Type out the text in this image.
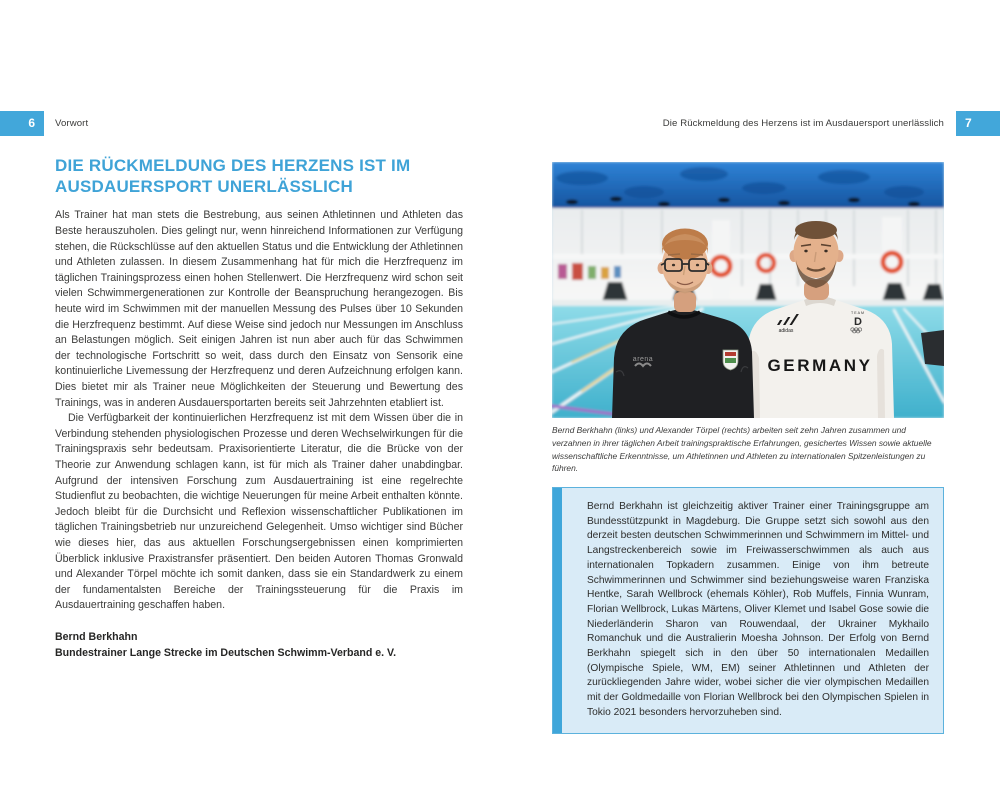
6	Vorwort	Die Rückmeldung des Herzens ist im Ausdauersport unerlässlich	7
DIE RÜCKMELDUNG DES HERZENS IST IM AUSDAUERSPORT UNERLÄSSLICH

Als Trainer hat man stets die Bestrebung, aus seinen Athletinnen und Athleten das Beste herauszuholen. Dies gelingt nur, wenn hinreichend Informationen zur Verfügung stehen, die Rückschlüsse auf den aktuellen Status und die Entwicklung der Athletinnen und Athleten zulassen. In diesem Zusammenhang hat für mich die Herzfrequenz im täglichen Trainingsprozess einen hohen Stellenwert. Die Herzfrequenz wird schon seit vielen Schwimmergenerationen zur Kontrolle der Beanspruchung herangezogen. Bis heute wird im Schwimmen mit der manuellen Messung des Pulses über 10 Sekunden die Herzfrequenz bestimmt. Auf diese Weise sind jedoch nur Messungen im Anschluss an Belastungen möglich. Seit einigen Jahren ist nun aber auch für das Schwimmen der technologische Fortschritt so weit, dass durch den Einsatz von Sensorik eine kontinuierliche Livemessung der Herzfrequenz und deren Aufzeichnung erfolgen kann. Dies bietet mir als Trainer neue Möglichkeiten der Steuerung und Bewertung des Trainings, was in anderen Ausdauersportarten bereits seit Jahrzehnten etabliert ist.

Die Verfügbarkeit der kontinuierlichen Herzfrequenz ist mit dem Wissen über die in Verbindung stehenden physiologischen Prozesse und deren Wechselwirkungen für die Trainingspraxis sehr bedeutsam. Praxisorientierte Literatur, die die Brücke von der Theorie zur Anwendung schlagen kann, ist für mich als Trainer daher unabdingbar. Aufgrund der intensiven Forschung zum Ausdauertraining ist eine regelrechte Studienflut zu beobachten, die wichtige Neuerungen für meine Arbeit enthalten könnte. Jedoch bleibt für die Durchsicht und Reflexion wissenschaftlicher Publikationen im täglichen Trainingsbetrieb nur unzureichend Gelegenheit. Umso wichtiger sind Bücher wie dieses hier, das aus aktuellen Forschungsergebnissen einen komprimierten Überblick inklusive Praxistransfer präsentiert. Den beiden Autoren Thomas Gronwald und Alexander Törpel möchte ich somit danken, dass sie ein Standardwerk zu einem der fundamentalsten Bereiche der Trainingssteuerung für die Praxis im Ausdauertraining geschaffen haben.

Bernd Berkhahn
Bundestrainer Lange Strecke im Deutschen Schwimm-Verband e. V.
adidas
TEAM
D
GERMANY
arena
Bernd Berkhahn (links) und Alexander Törpel (rechts) arbeiten seit zehn Jahren zusammen und verzahnen in ihrer täglichen Arbeit trainingspraktische Erfahrungen, gesichertes Wissen sowie aktuelle wissenschaftliche Erkenntnisse, um Athletinnen und Athleten zu internationalen Spitzenleistungen zu führen.
Bernd Berkhahn ist gleichzeitig aktiver Trainer einer Trainingsgruppe am Bundesstützpunkt in Magdeburg. Die Gruppe setzt sich sowohl aus den derzeit besten deutschen Schwimmerinnen und Schwimmern im Mittel- und Langstreckenbereich sowie im Freiwasserschwimmen als auch aus internationalen Topkadern zusammen. Einige von ihm betreute Schwimmerinnen und Schwimmer sind beziehungsweise waren Franziska Hentke, Sarah Wellbrock (ehemals Köhler), Rob Muffels, Finnia Wunram, Florian Wellbrock, Lukas Märtens, Oliver Klemet und Isabel Gose sowie die Niederländerin Sharon van Rouwendaal, der Ukrainer Mykhailo Romanchuk und die Australierin Moesha Johnson. Der Erfolg von Bernd Berkhahn spiegelt sich in den über 50 internationalen Medaillen (Olympische Spiele, WM, EM) seiner Athletinnen und Athleten der zurückliegenden Jahre wider, wobei sicher die vier olympischen Medaillen mit der Goldmedaille von Florian Wellbrock bei den Olympischen Spielen in Tokio 2021 besonders hervorzuheben sind.
